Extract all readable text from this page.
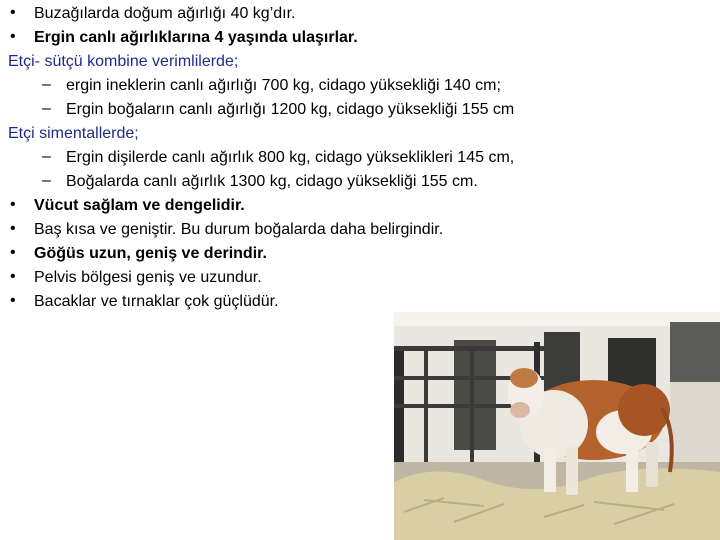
•	Buzağılarda doğum ağırlığı 40 kg’dır.
•	Ergin canlı ağırlıklarına 4 yaşında ulaşırlar.
Etçi- sütçü kombine verimlilerde;
– ergin ineklerin canlı ağırlığı 700 kg, cidago yüksekliği 140 cm;
– Ergin boğaların canlı ağırlığı 1200 kg, cidago yüksekliği 155 cm
Etçi simentallerde;
– Ergin dişilerde canlı ağırlık 800 kg, cidago yükseklikleri 145 cm,
– Boğalarda canlı ağırlık 1300 kg, cidago yüksekliği 155 cm.
•	Vücut sağlam ve dengelidir.
•	Baş kısa ve geniştir. Bu durum boğalarda daha belirgindir.
•	Göğüs uzun, geniş ve derindir.
•	Pelvis bölgesi geniş ve uzundur.
•	Bacaklar ve tırnaklar çok güçlüdür.
